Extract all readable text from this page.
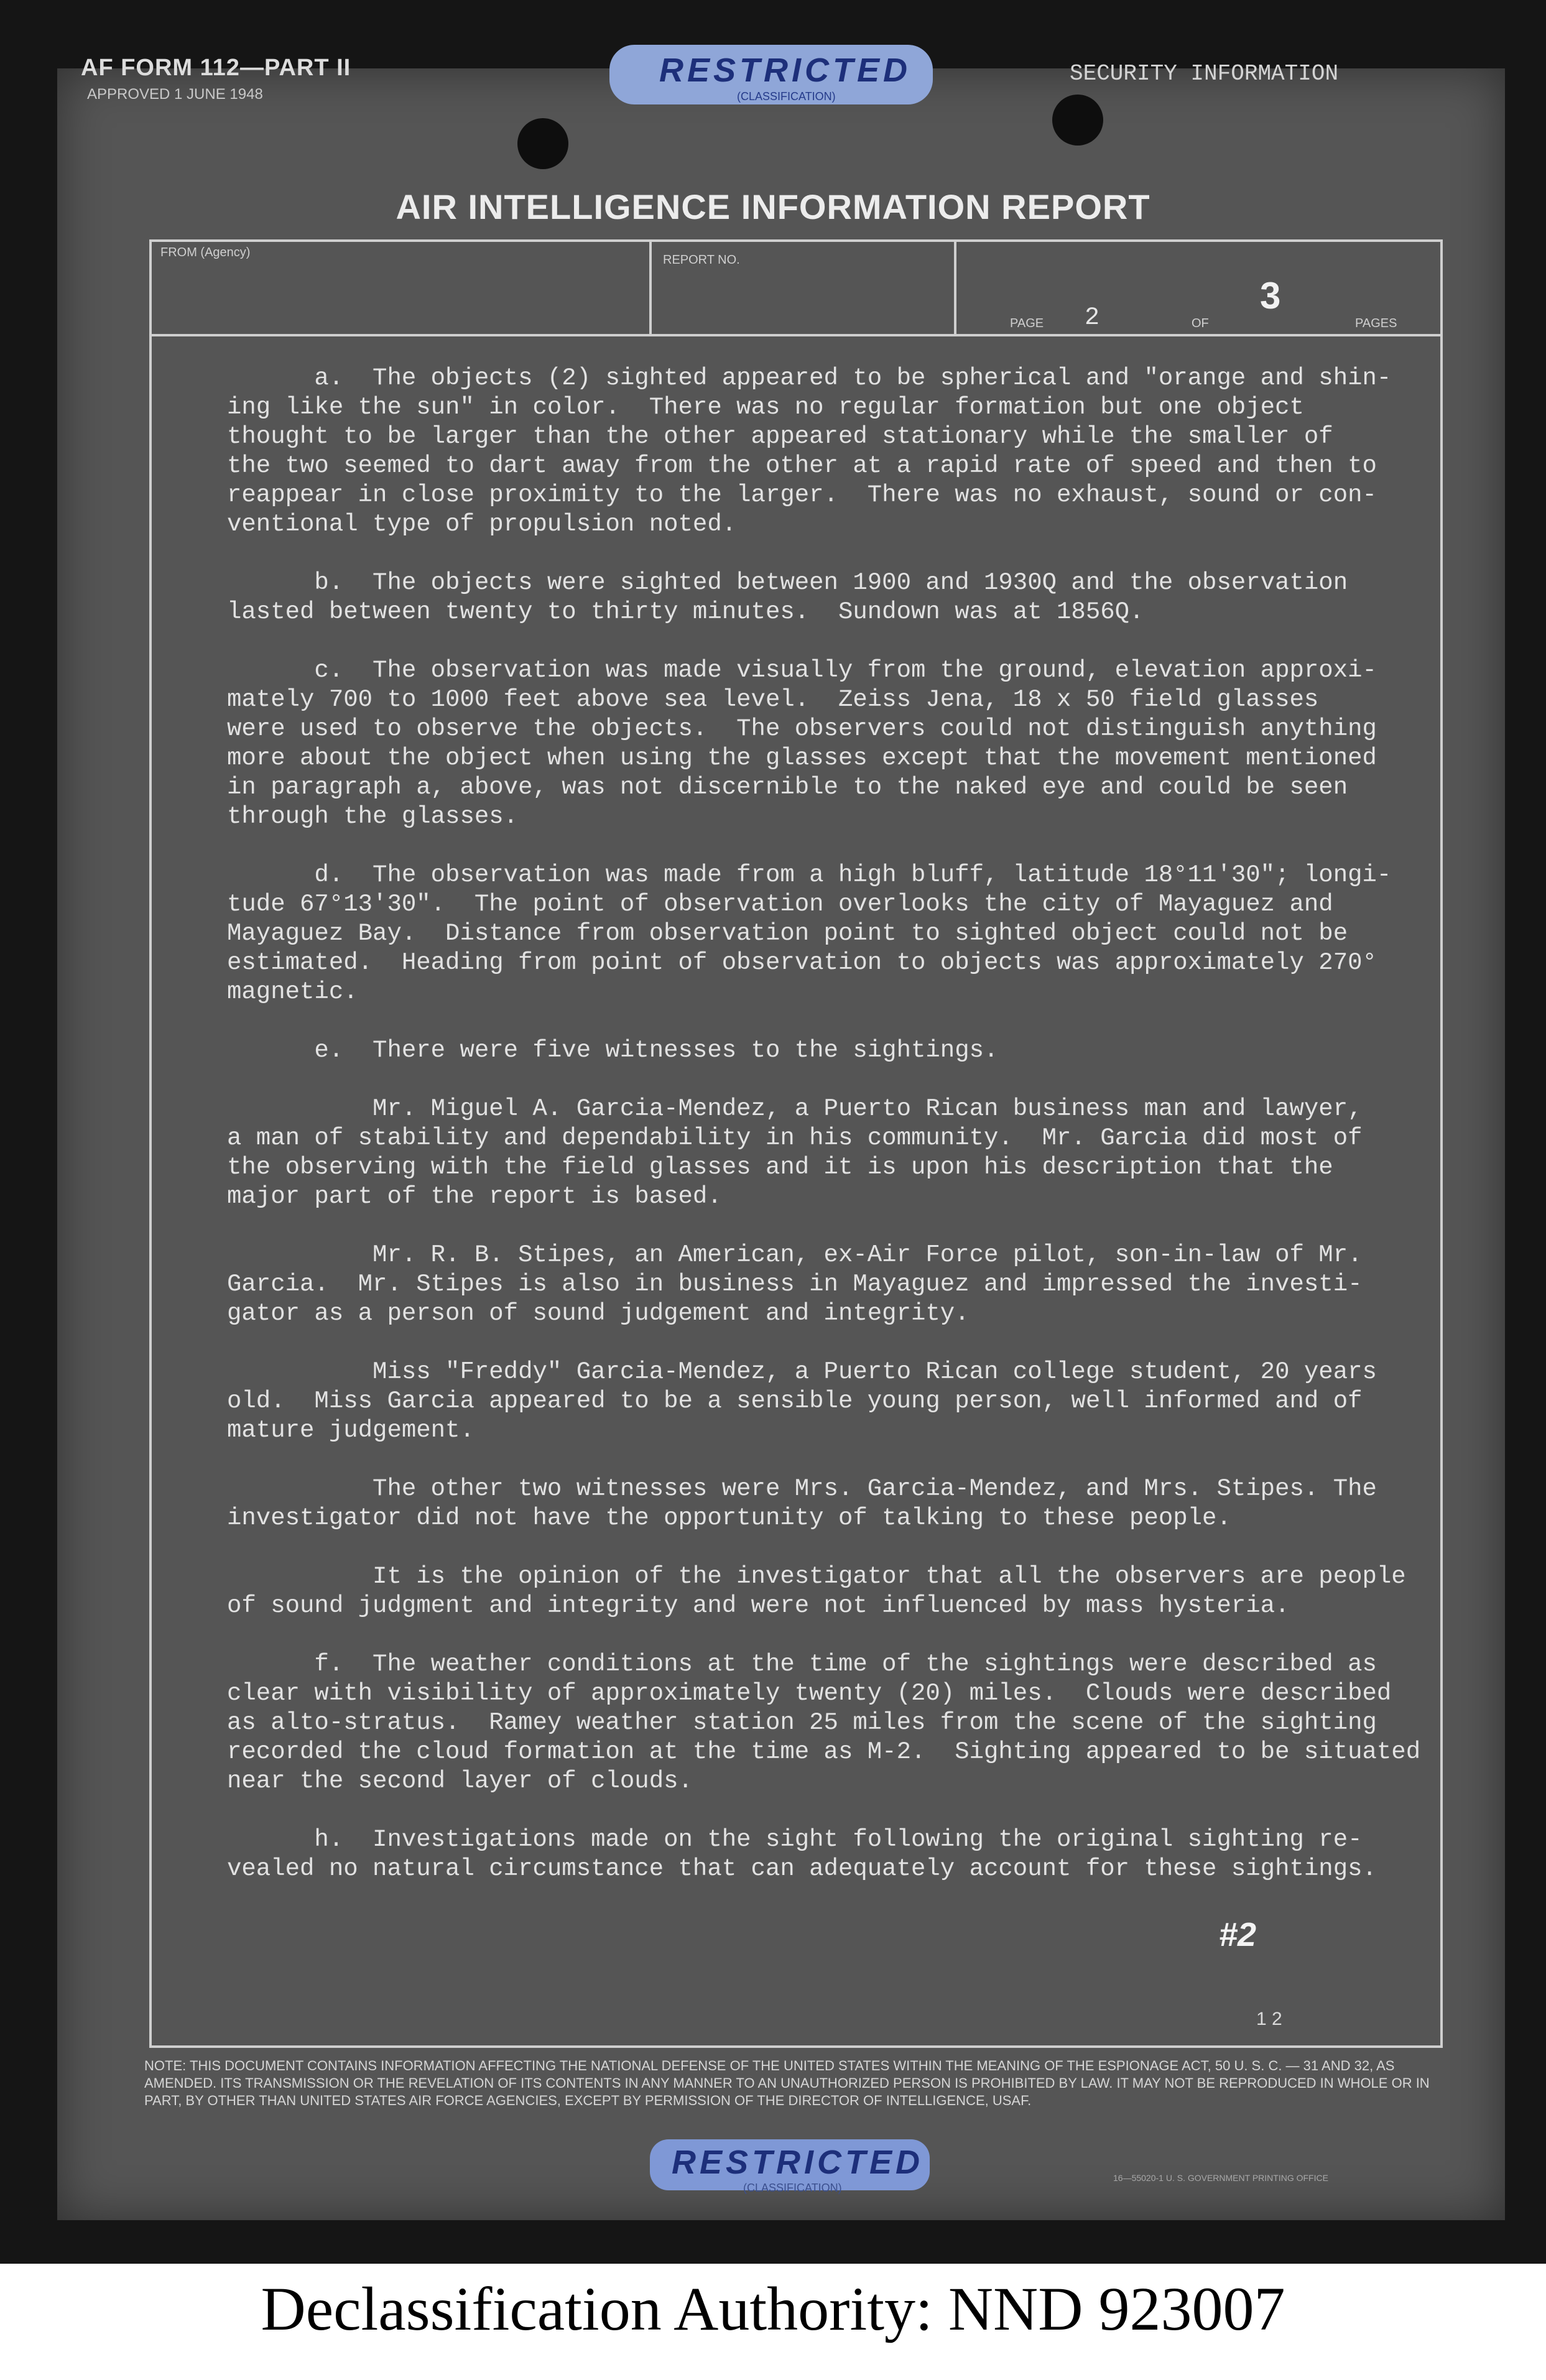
AF FORM 112—PART II
APPROVED 1 JUNE 1948
RESTRICTED
(CLASSIFICATION)
SECURITY INFORMATION
AIR INTELLIGENCE INFORMATION REPORT
FROM (Agency)
REPORT NO.
PAGE 2	OF
3
PAGES

a.  The objects (2) sighted appeared to be spherical and "orange and shin-
ing like the sun" in color.  There was no regular formation but one object
thought to be larger than the other appeared stationary while the smaller of
the two seemed to dart away from the other at a rapid rate of speed and then to
reappear in close proximity to the larger.  There was no exhaust, sound or con-
ventional type of propulsion noted.

b.  The objects were sighted between 1900 and 1930Q and the observation
lasted between twenty to thirty minutes.  Sundown was at 1856Q.

c.  The observation was made visually from the ground, elevation approxi-
mately 700 to 1000 feet above sea level.  Zeiss Jena, 18 x 50 field glasses
were used to observe the objects.  The observers could not distinguish anything
more about the object when using the glasses except that the movement mentioned
in paragraph a, above, was not discernible to the naked eye and could be seen
through the glasses.

d.  The observation was made from a high bluff, latitude 18°11'30"; longi-
tude 67°13'30".  The point of observation overlooks the city of Mayaguez and
Mayaguez Bay.  Distance from observation point to sighted object could not be
estimated.  Heading from point of observation to objects was approximately 270°
magnetic.

e.  There were five witnesses to the sightings.

Mr. Miguel A. Garcia-Mendez, a Puerto Rican business man and lawyer,
a man of stability and dependability in his community.  Mr. Garcia did most of
the observing with the field glasses and it is upon his description that the
major part of the report is based.

Mr. R. B. Stipes, an American, ex-Air Force pilot, son-in-law of Mr.
Garcia.  Mr. Stipes is also in business in Mayaguez and impressed the investi-
gator as a person of sound judgement and integrity.

Miss "Freddy" Garcia-Mendez, a Puerto Rican college student, 20 years
old.  Miss Garcia appeared to be a sensible young person, well informed and of
mature judgement.

The other two witnesses were Mrs. Garcia-Mendez, and Mrs. Stipes. The
investigator did not have the opportunity of talking to these people.

It is the opinion of the investigator that all the observers are people
of sound judgment and integrity and were not influenced by mass hysteria.

f.  The weather conditions at the time of the sightings were described as
clear with visibility of approximately twenty (20) miles.  Clouds were described
as alto-stratus.  Ramey weather station 25 miles from the scene of the sighting
recorded the cloud formation at the time as M-2.  Sighting appeared to be situated
near the second layer of clouds.

h.  Investigations made on the sight following the original sighting re-
vealed no natural circumstance that can adequately account for these sightings.

#2
1 2
NOTE: THIS DOCUMENT CONTAINS INFORMATION AFFECTING THE NATIONAL DEFENSE OF THE UNITED STATES WITHIN THE MEANING OF THE ESPIONAGE ACT, 50 U. S. C. — 31 AND 32, AS AMENDED. ITS TRANSMISSION OR THE REVELATION OF ITS CONTENTS IN ANY MANNER TO AN UNAUTHORIZED PERSON IS PROHIBITED BY LAW. IT MAY NOT BE REPRODUCED IN WHOLE OR IN PART, BY OTHER THAN UNITED STATES AIR FORCE AGENCIES, EXCEPT BY PERMISSION OF THE DIRECTOR OF INTELLIGENCE, USAF.
RESTRICTED
(CLASSIFICATION)
16—55020-1 U. S. GOVERNMENT PRINTING OFFICE
Declassification Authority: NND 923007
